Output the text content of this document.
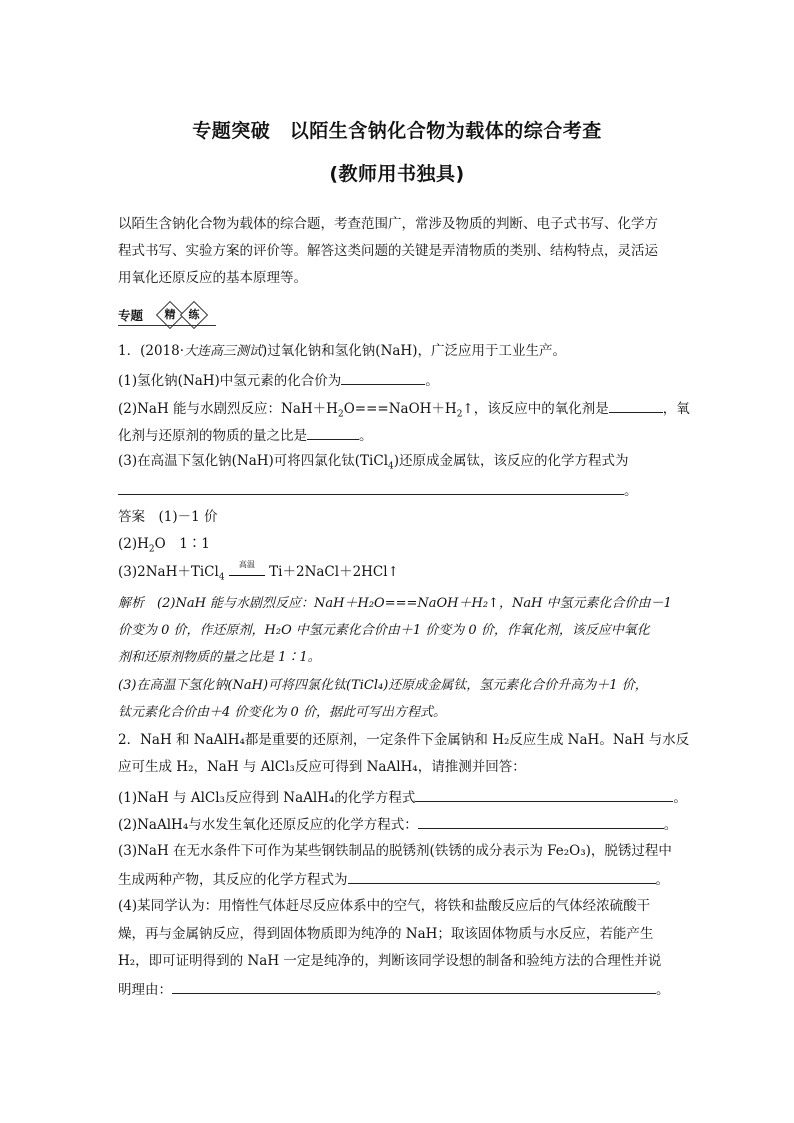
专题突破　以陌生含钠化合物为载体的综合考查
(教师用书独具)
以陌生含钠化合物为载体的综合题，考查范围广，常涉及物质的判断、电子式书写、化学方
程式书写、实验方案的评价等。解答这类问题的关键是弄清物质的类别、结构特点，灵活运
用氧化还原反应的基本原理等。
专题	精	练
1．(2018·大连高三测试)过氧化钠和氢化钠(NaH)，广泛应用于工业生产。
(1)氢化钠(NaH)中氢元素的化合价为	。
(2)NaH 能与水剧烈反应：$NaH+H_2O===NaOH+H_2↑$，该反应中的氧化剂是	，氧
化剂与还原剂的物质的量之比是	。
(3)在高温下氢化钠(NaH)可将四氯化钛(TiCl$_4$)还原成金属钛，该反应的化学方程式为
。
答案　 (1)－1 价
$(2)H_2O$　1∶1
(3)2NaH＋TiCl$_4$
高温	Ti＋2NaCl＋2HCl↑
解析　 (2)NaH 能与水剧烈反应：NaH＋H₂O===NaOH＋H₂↑，NaH 中氢元素化合价由－1
价变为 0 价，作还原剂，H₂O 中氢元素化合价由＋1 价变为 0 价，作氧化剂，该反应中氧化
剂和还原剂物质的量之比是 1∶1。
(3)在高温下氢化钠(NaH)可将四氯化钛(TiCl₄)还原成金属钛，氢元素化合价升高为＋1 价，
钛元素化合价由＋4 价变化为 0 价，据此可写出方程式。
2．NaH 和 NaAlH₄都是重要的还原剂，一定条件下金属钠和 H₂反应生成 NaH。NaH 与水反
应可生成 H₂，NaH 与 AlCl₃反应可得到 NaAlH₄，请推测并回答：
(1)NaH 与 AlCl₃反应得到 NaAlH₄的化学方程式	。
(2)NaAlH₄与水发生氧化还原反应的化学方程式：	。
(3)NaH 在无水条件下可作为某些钢铁制品的脱锈剂(铁锈的成分表示为 Fe₂O₃)，脱锈过程中
生成两种产物，其反应的化学方程式为	。
(4)某同学认为：用惰性气体赶尽反应体系中的空气，将铁和盐酸反应后的气体经浓硫酸干
燥，再与金属钠反应，得到固体物质即为纯净的 NaH；取该固体物质与水反应，若能产生
H₂，即可证明得到的 NaH 一定是纯净的，判断该同学设想的制备和验纯方法的合理性并说
明理由：	。
